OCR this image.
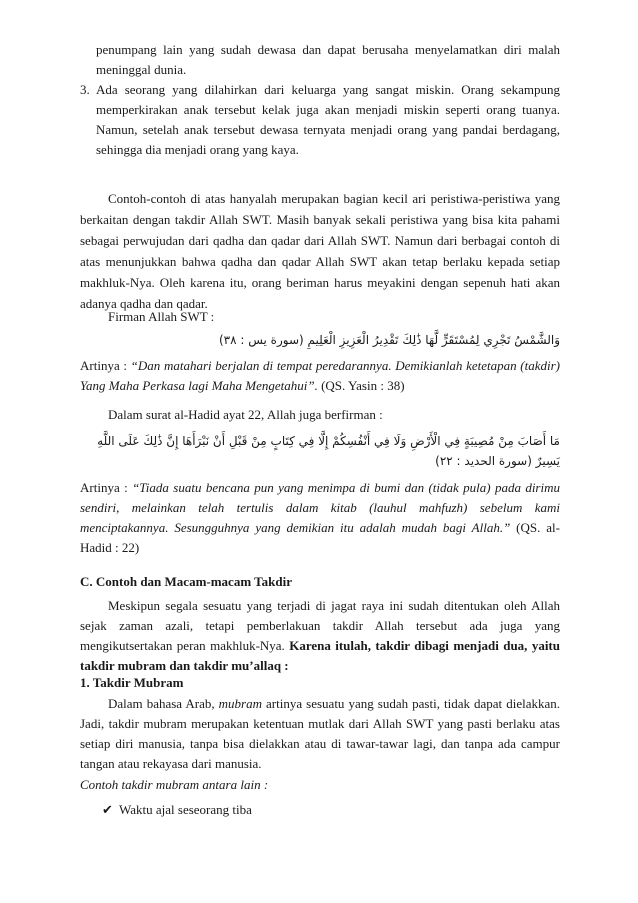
penumpang lain yang sudah dewasa dan dapat berusaha menyelamatkan diri malah meninggal dunia.

3. Ada seorang yang dilahirkan dari keluarga yang sangat miskin. Orang sekampung memperkirakan anak tersebut kelak juga akan menjadi miskin seperti orang tuanya. Namun, setelah anak tersebut dewasa ternyata menjadi orang yang pandai berdagang, sehingga dia menjadi orang yang kaya.

Contoh-contoh di atas hanyalah merupakan bagian kecil ari peristiwa-peristiwa yang berkaitan dengan takdir Allah SWT. Masih banyak sekali peristiwa yang bisa kita pahami sebagai perwujudan dari qadha dan qadar dari Allah SWT. Namun dari berbagai contoh di atas menunjukkan bahwa qadha dan qadar Allah SWT akan tetap berlaku kepada setiap makhluk-Nya. Oleh karena itu, orang beriman harus meyakini dengan sepenuh hati akan adanya qadha dan qadar.

Firman Allah SWT :

وَالشَّمْسُ تَجْرِي لِمُسْتَقَرٍّ لَّهَا ذَٰلِكَ تَقْدِيرُ الْعَزِيزِ الْعَلِيمِ (سورة يس : ٣٨)

Artinya : “Dan matahari berjalan di tempat peredarannya. Demikianlah ketetapan (takdir) Yang Maha Perkasa lagi Maha Mengetahui”. (QS. Yasin : 38)

Dalam surat al-Hadid ayat 22, Allah juga berfirman :

مَا أَصَابَ مِنْ مُصِيبَةٍ فِي الْأَرْضِ وَلَا فِي أَنْفُسِكُمْ إِلَّا فِي كِتَابٍ مِنْ قَبْلِ أَنْ نَبْرَأَهَا إِنَّ ذَٰلِكَ عَلَى اللَّهِ يَسِيرٌ (سورة الحديد : ٢٢)

Artinya : “Tiada suatu bencana pun yang menimpa di bumi dan (tidak pula) pada dirimu sendiri, melainkan telah tertulis dalam kitab (lauhul mahfuzh) sebelum kami menciptakannya. Sesungguhnya yang demikian itu adalah mudah bagi Allah.” (QS. al-Hadid : 22)

C. Contoh dan Macam-macam Takdir

Meskipun segala sesuatu yang terjadi di jagat raya ini sudah ditentukan oleh Allah sejak zaman azali, tetapi pemberlakuan takdir Allah tersebut ada juga yang mengikutsertakan peran makhluk-Nya. Karena itulah, takdir dibagi menjadi dua, yaitu takdir mubram dan takdir mu’allaq :

1. Takdir Mubram

Dalam bahasa Arab, mubram artinya sesuatu yang sudah pasti, tidak dapat dielakkan. Jadi, takdir mubram merupakan ketentuan mutlak dari Allah SWT yang pasti berlaku atas setiap diri manusia, tanpa bisa dielakkan atau di tawar-tawar lagi, dan tanpa ada campur tangan atau rekayasa dari manusia.

Contoh takdir mubram antara lain :

✔ Waktu ajal seseorang tiba
